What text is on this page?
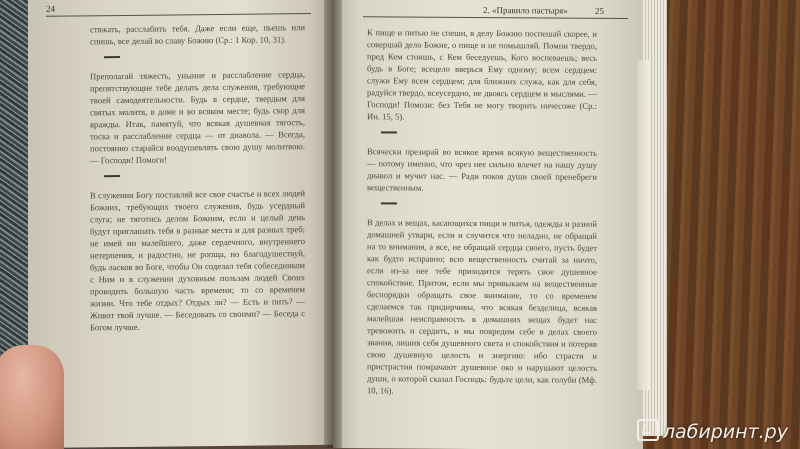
24

стяжать, расслабить тебя. Даже если еще, пьешь или спишь, все делай во славу Божию (Ср.: 1 Кор. 10, 31).

Преполагай тяжесть, уныние и расслабление сердца, препятствующие тебе делать дела служения, требующие твоей самодеятельности. Будь в сердце, твердым для святых молитв, в доме и во всяком месте; будь скор для вражды. Итак, памятуй, что всякая душевная тягость, тоска и расслабление сердца — от диавола. — Всегда, постоянно старайся воодушевлять свою душу молитвою. — Господи! Помоги!

В служении Богу поставляй все свое счастье и всех людей Божиих, требующих твоего служения, будь усердный слуга; не тяготись делом Божиим, если и целый день будут приглашать тебя в разные места и для разных треб; не имей ни малейшего, даже сердечного, внутреннего нетерпения, и радостно, не ропща, но благодушествуй, будь ласков во Боге, чтобы Он соделал тебя собеседником с Ним и в служении духовным пользам людей Своих проводить большую часть времени; то со временем жизни. Что тебе отдых? Отдых ли? — Есть и пить? — Живот твой лучше. — Беседовать со своими? — Беседа с Богом лучше.

2. «Правило пастыря»	25

К пище и питью не спеши, в делу Божию поспешай скорее, и совершай дело Божие, о пище и не помышляй. Помни твердо, пред Кем стоишь, с Кем беседуешь, Кого воспеваешь; весь будь в Боге; всецело вверься Ему одному; всем сердцем: служи Ему всем сердцем; для ближних служа, как для себя, радуйся твердо, всеусердно, не двоясь сердцем и мыслями. — Господи! Помози: без Тебя не могу творить ничесоже (Ср.: Ин. 15, 5).

Всячески презирай во всякое время всякую вещественность — потому именно, что чрез нее сильно влечет на нашу душу диавол и мучит нас. — Ради покоя души своей пренебреги вещественным.

В делах и вещах, касающихся пищи и питья, одежды и разной домашней утвари, если и случится что неладно, не обращай на то внимания, а все, не обращай сердца своего, пусть будет как будто исправно; всю вещественность считай за ничто, если из-за нее тебе приходится терять свое душевное спокойствие. Притом, если мы привыкаем на вещественные беспорядки обращать свое внимание, то со временем сделаемся так придирчивы, что всякая безделица, всякая малейшая неисправность в домашних вещах будет нас тревожить и сердить, и мы повредим себе в делах своего звания, лишив себя душевного света и спокойствия и потеряв свою душевную целость и энергию: ибо страсти и пристрастия помрачают душевное око и нарушают целость души, о которой сказал Господь: будьте цели, как голуби (Мф. 10, 16).

лабиринт.ру
